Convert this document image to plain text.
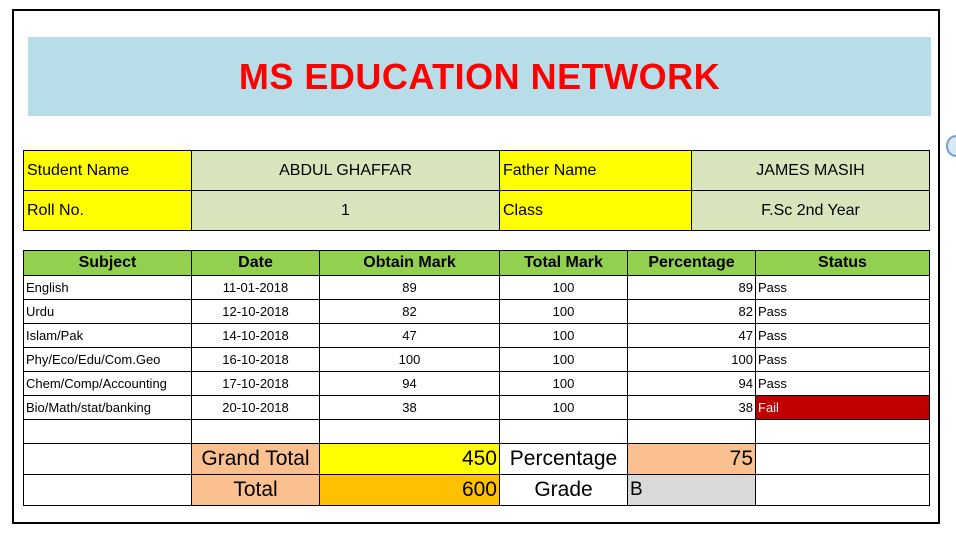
MS EDUCATION NETWORK
Student Name	ABDUL GHAFFAR	Father Name	JAMES MASIH
Roll No.	1	Class	F.Sc 2nd Year
Subject	Date	Obtain Mark	Total Mark	Percentage	Status
English	11-01-2018	89	100	89	Pass
Urdu	12-10-2018	82	100	82	Pass
Islam/Pak	14-10-2018	47	100	47	Pass
Phy/Eco/Edu/Com.Geo	16-10-2018	100	100	100	Pass
Chem/Comp/Accounting	17-10-2018	94	100	94	Pass
Bio/Math/stat/banking	20-10-2018	38	100	38	Fail

	Grand Total	450	Percentage	75	
	Total	600	Grade	B	
